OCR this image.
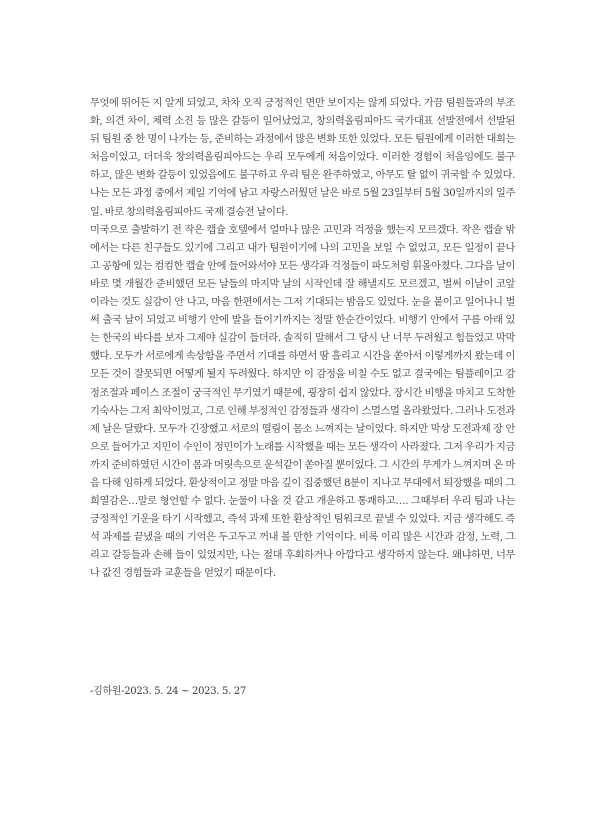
무엇에 뛰어든 지 알게 되었고, 차차 오직 긍정적인 면만 보이지는 않게 되었다. 가끔 팀원들과의 부조화, 의견 차이, 체력 소진 등 많은 갈등이 일어났었고, 창의력올림피아드 국가대표 선발전에서 선발된 뒤 팀원 중 한 명이 나가는 등, 준비하는 과정에서 많은 변화 또한 있었다. 모든 팀원에게 이러한 대회는 처음이었고, 더더욱 창의력올림피아드는 우리 모두에게 처음이었다. 이러한 경험이 처음임에도 불구하고, 많은 변화 갈등이 있었음에도 불구하고 우리 팀은 완주하였고, 아무도 탈 없이 귀국할 수 있었다. 나는 모든 과정 중에서 제일 기억에 남고 자랑스러웠던 날은 바로 5월 23일부터 5월 30일까지의 일주일. 바로 창의력올림피아드 국제 결승전 날이다.

미국으로 출발하기 전 작은 캡슐 호텔에서 얼마나 많은 고민과 걱정을 했는지 모르겠다. 작은 캡슐 밖에서는 다른 친구들도 있기에 그리고 내가 팀원이기에 나의 고민을 보일 수 없었고, 모든 일정이 끝나고 공항에 있는 컴컴한 캡슐 안에 들어와서야 모든 생각과 걱정들이 파도처럼 휘몰아쳤다. 그다음 날이 바로 몇 개월간 준비했던 모든 날들의 마지막 날의 시작인데 잘 해낼지도 모르겠고, 벌써 이날이 코앞이라는 것도 실감이 안 나고, 마음 한편에서는 그저 기대되는 밤음도 있었다. 눈을 붙이고 일어나니 벌써 출국 날이 되었고 비행기 안에 발을 들이기까지는 정말 한순간이었다. 비행기 안에서 구름 아래 있는 한국의 바다를 보자 그제야 실감이 들더라. 솔직히 말해서 그 당시 난 너무 두려웠고 힘들었고 막막했다. 모두가 서로에게 속상함을 주면서 기대를 하면서 땀 흘리고 시간을 쏟아서 이렇게까지 왔는데 이 모든 것이 잘못되면 어떻게 될지 두려웠다. 하지만 이 감정을 비칠 수도 없고 결국에는 팀플레이고 감정조절과 페이스 조절이 궁극적인 무기였기 때문에, 굉장히 쉽지 않았다. 장시간 비행을 마치고 도착한 기숙사는 그저 최악이었고, 그로 인해 부정적인 감정들과 생각이 스멀스멀 올라왔었다. 그러나 도전과제 날은 달랐다. 모두가 긴장했고 서로의 떨림이 몸소 느껴지는 날이었다. 하지만 막상 도전과제 장 안으로 들어가고 지민이 수인이 정민이가 노래를 시작했을 때는 모든 생각이 사라졌다. 그저 우리가 지금까지 준비하였던 시간이 몸과 머릿속으로 운석같이 쏟아질 뿐이었다. 그 시간의 무게가 느껴지며 온 마음 다해 임하게 되었다. 환상적이고 정말 마음 깊이 집중했던 8분이 지나고 무대에서 퇴장했을 때의 그 희열감은…말로 형언할 수 없다. 눈물이 나올 것 같고 개운하고 통쾌하고…. 그때부터 우리 팀과 나는 긍정적인 기운을 타기 시작했고, 즉석 과제 또한 환상적인 팀워크로 끝낼 수 있었다. 지금 생각해도 즉석 과제를 끝냈을 때의 기억은 두고두고 꺼내 볼 만한 기억이다. 비록 이리 많은 시간과 감정, 노력, 그리고 갈등들과 손해 들이 있었지만, 나는 절대 후회하거나 아깝다고 생각하지 않는다. 왜냐하면, 너무나 값진 경험들과 교훈들을 얻었기 때문이다.

-김하원-2023. 5. 24 ~ 2023. 5. 27
